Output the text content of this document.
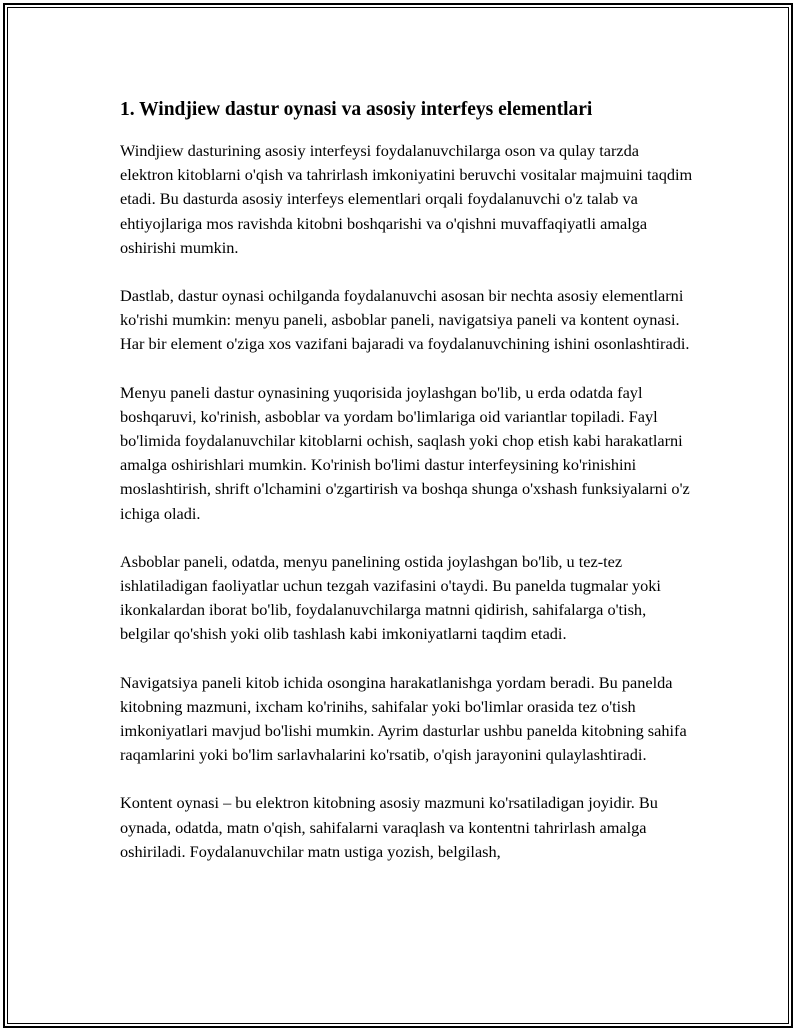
1. Windjiew dastur oynasi va asosiy interfeys elementlari

Windjiew dasturining asosiy interfeysi foydalanuvchilarga oson va qulay tarzda elektron kitoblarni o'qish va tahrirlash imkoniyatini beruvchi vositalar majmuini taqdim etadi. Bu dasturda asosiy interfeys elementlari orqali foydalanuvchi o'z talab va ehtiyojlariga mos ravishda kitobni boshqarishi va o'qishni muvaffaqiyatli amalga oshirishi mumkin.

Dastlab, dastur oynasi ochilganda foydalanuvchi asosan bir nechta asosiy elementlarni ko'rishi mumkin: menyu paneli, asboblar paneli, navigatsiya paneli va kontent oynasi. Har bir element o'ziga xos vazifani bajaradi va foydalanuvchining ishini osonlashtiradi.

Menyu paneli dastur oynasining yuqorisida joylashgan bo'lib, u erda odatda fayl boshqaruvi, ko'rinish, asboblar va yordam bo'limlariga oid variantlar topiladi. Fayl bo'limida foydalanuvchilar kitoblarni ochish, saqlash yoki chop etish kabi harakatlarni amalga oshirishlari mumkin. Ko'rinish bo'limi dastur interfeysining ko'rinishini moslashtirish, shrift o'lchamini o'zgartirish va boshqa shunga o'xshash funksiyalarni o'z ichiga oladi.

Asboblar paneli, odatda, menyu panelining ostida joylashgan bo'lib, u tez-tez ishlatiladigan faoliyatlar uchun tezgah vazifasini o'taydi. Bu panelda tugmalar yoki ikonkalardan iborat bo'lib, foydalanuvchilarga matnni qidirish, sahifalarga o'tish, belgilar qo'shish yoki olib tashlash kabi imkoniyatlarni taqdim etadi.

Navigatsiya paneli kitob ichida osongina harakatlanishga yordam beradi. Bu panelda kitobning mazmuni, ixcham ko'rinihs, sahifalar yoki bo'limlar orasida tez o'tish imkoniyatlari mavjud bo'lishi mumkin. Ayrim dasturlar ushbu panelda kitobning sahifa raqamlarini yoki bo'lim sarlavhalarini ko'rsatib, o'qish jarayonini qulaylashtiradi.

Kontent oynasi – bu elektron kitobning asosiy mazmuni ko'rsatiladigan joyidir. Bu oynada, odatda, matn o'qish, sahifalarni varaqlash va kontentni tahrirlash amalga oshiriladi. Foydalanuvchilar matn ustiga yozish, belgilash,
